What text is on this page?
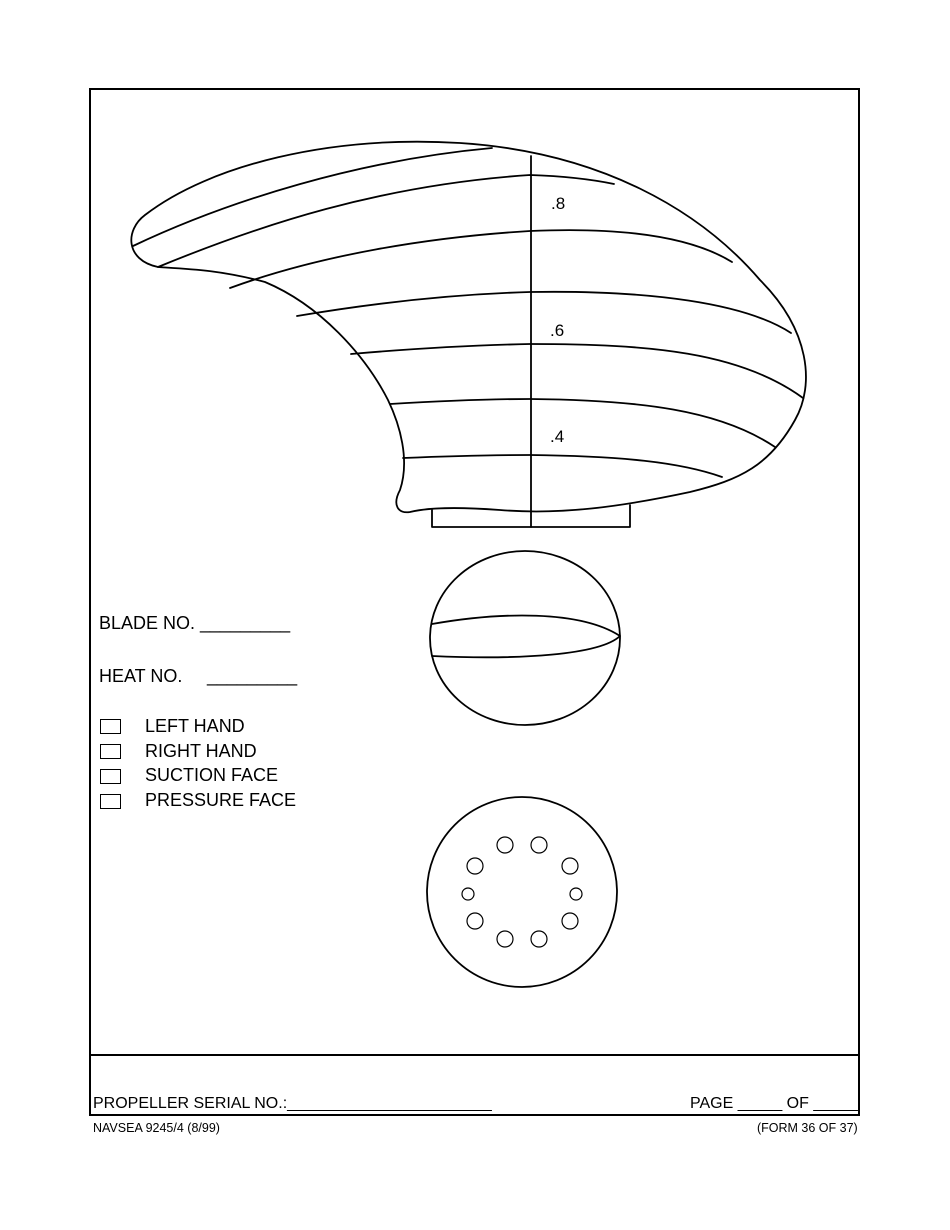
.8
.6
.4
BLADE NO. _________
HEAT NO. _________
LEFT HAND
RIGHT HAND
SUCTION FACE
PRESSURE FACE
PROPELLER SERIAL NO.:_______________________	PAGE _____ OF _____
NAVSEA 9245/4 (8/99)	(FORM 36 OF 37)
